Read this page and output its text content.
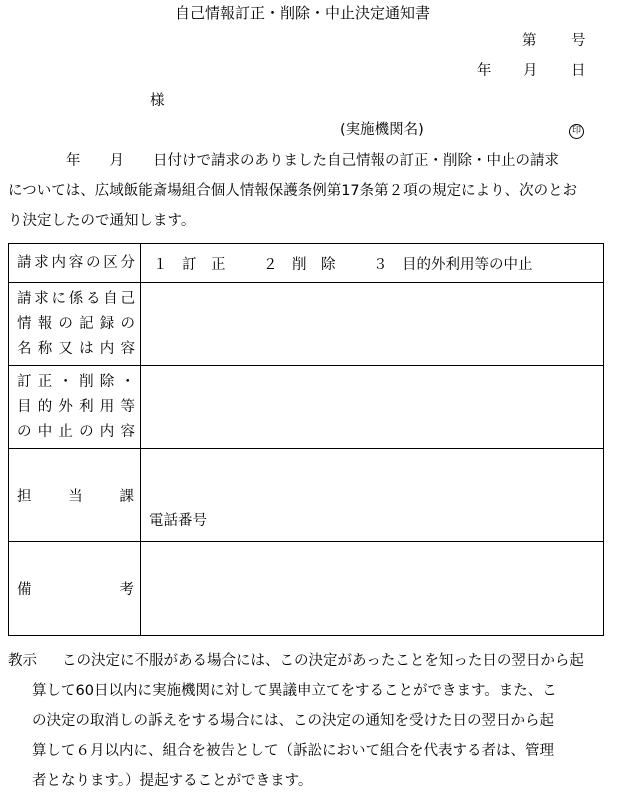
自己情報訂正・削除・中止決定通知書
第 号
年 月 日
様
(実施機関名)	印

年　　月　　日付けで請求のありました自己情報の訂正・削除・中止の請求

については、広域飯能斎場組合個人情報保護条例第17条第２項の規定により、次のとお

り決定したので通知します。

請求内容の区分	１　訂　正 ２　削　除 ３　目的外利用等の中止

請求に係る自己
情報の記録の
名称又は内容	

訂正・削除・
目的外利用等
の中止の内容	

担 当 課	電話番号

備 考	

教示	この決定に不服がある場合には、この決定があったことを知った日の翌日から起

算して60日以内に実施機関に対して異議申立てをすることができます。また、こ

の決定の取消しの訴えをする場合には、この決定の通知を受けた日の翌日から起

算して６月以内に、組合を被告として（訴訟において組合を代表する者は、管理

者となります。）提起することができます。
